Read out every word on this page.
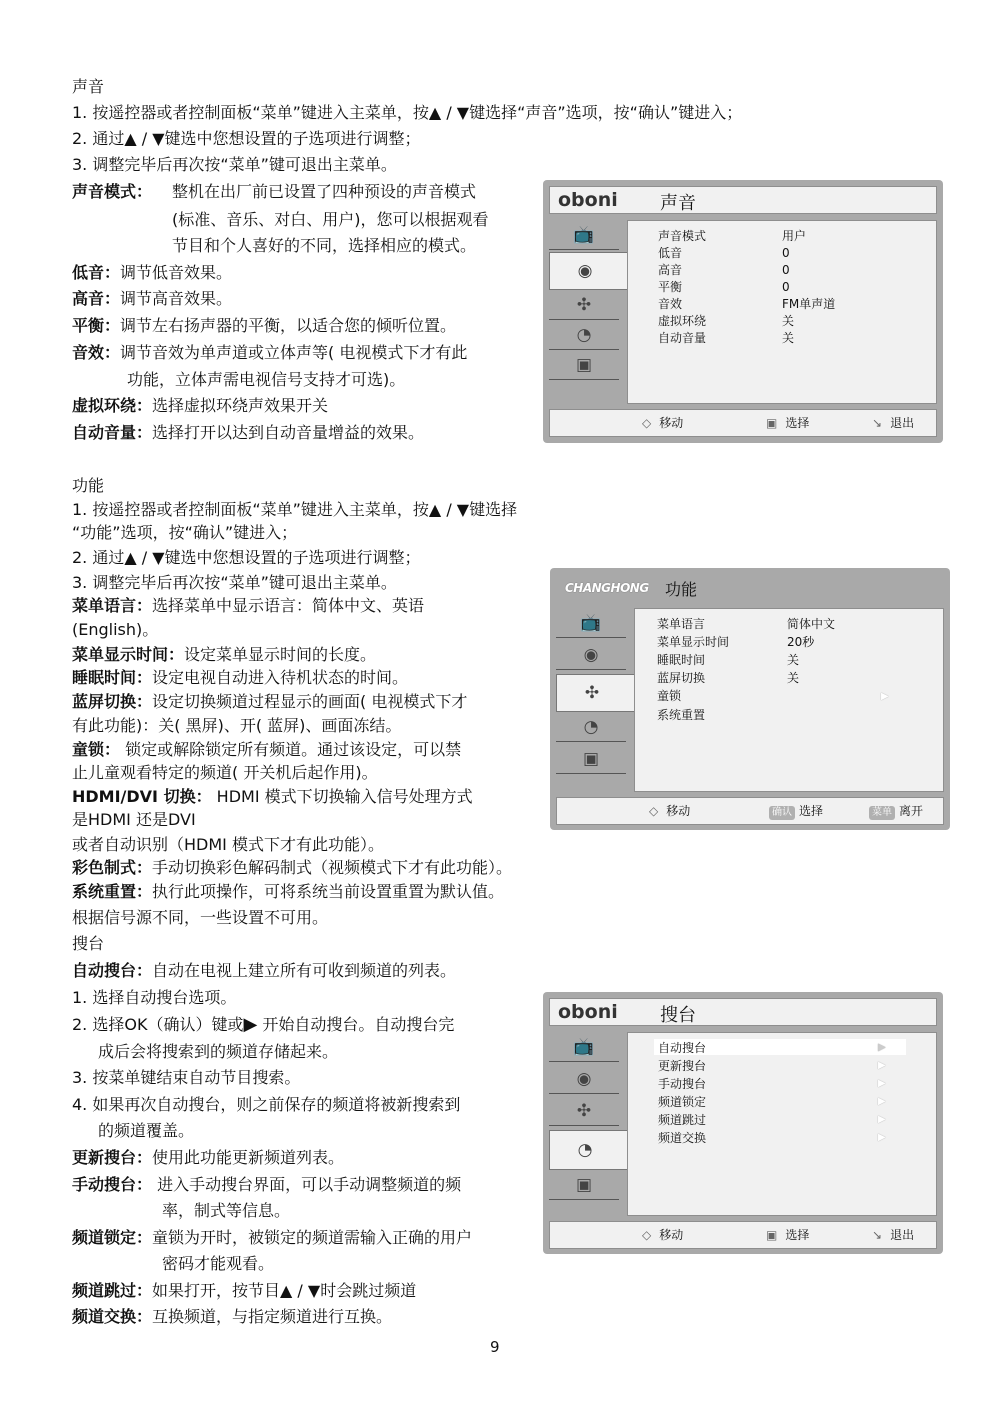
声音
1. 按遥控器或者控制面板“菜单”键进入主菜单，按▲ / ▼键选择“声音”选项，按“确认”键进入；
2. 通过▲ / ▼键选中您想设置的子选项进行调整；
3. 调整完毕后再次按“菜单”键可退出主菜单。
声音模式： 整机在出厂前已设置了四种预设的声音模式
(标准、音乐、对白、用户)，您可以根据观看
节目和个人喜好的不同，选择相应的模式。
低音：调节低音效果。
高音：调节高音效果。
平衡：调节左右扬声器的平衡，以适合您的倾听位置。
音效：调节音效为单声道或立体声等( 电视模式下才有此
功能，立体声需电视信号支持才可选)。
虚拟环绕：选择虚拟环绕声效果开关
自动音量：选择打开以达到自动音量增益的效果。
oboni 声音
📺
◉
✣
◔
▣
声音模式	用户
低音	0
高音	0
平衡	0
音效	FM单声道
虚拟环绕	关
自动音量	关
◇ 移动	▣ 选择	↘ 退出
功能
1. 按遥控器或者控制面板“菜单”键进入主菜单，按▲ / ▼键选择
“功能”选项，按“确认”键进入；
2. 通过▲ / ▼键选中您想设置的子选项进行调整；
3. 调整完毕后再次按“菜单”键可退出主菜单。
菜单语言：选择菜单中显示语言：简体中文、英语
(English)。
菜单显示时间：设定菜单显示时间的长度。
睡眠时间：设定电视自动进入待机状态的时间。
蓝屏切换：设定切换频道过程显示的画面( 电视模式下才
有此功能)：关( 黑屏)、开( 蓝屏)、画面冻结。
童锁： 锁定或解除锁定所有频道。通过该设定，可以禁
止儿童观看特定的频道( 开关机后起作用)。
HDMI/DVI 切换： HDMI 模式下切换输入信号处理方式
是HDMI 还是DVI
或者自动识别（HDMI 模式下才有此功能）。
彩色制式：手动切换彩色解码制式（视频模式下才有此功能）。
系统重置：执行此项操作，可将系统当前设置重置为默认值。
根据信号源不同，一些设置不可用。
CHANGHONG 功能
📺
◉
✣
◔
▣
菜单语言	简体中文
菜单显示时间	20秒
睡眠时间	关
蓝屏切换	关
童锁	▶
系统重置
◇ 移动	确认 选择	菜单 离开
搜台
自动搜台：自动在电视上建立所有可收到频道的列表。
1. 选择自动搜台选项。
2. 选择OK（确认）键或▶ 开始自动搜台。自动搜台完
成后会将搜索到的频道存储起来。
3. 按菜单键结束自动节目搜索。
4. 如果再次自动搜台，则之前保存的频道将被新搜索到
的频道覆盖。
更新搜台：使用此功能更新频道列表。
手动搜台： 进入手动搜台界面，可以手动调整频道的频
率，制式等信息。
频道锁定：童锁为开时，被锁定的频道需输入正确的用户
密码才能观看。
频道跳过：如果打开，按节目▲ / ▼时会跳过频道
频道交换：互换频道，与指定频道进行互换。
oboni 搜台
📺
◉
✣
◔
▣
自动搜台	▶
更新搜台	▶
手动搜台	▶
频道锁定	▶
频道跳过	▶
频道交换	▶
◇ 移动	▣ 选择	↘ 退出
9
